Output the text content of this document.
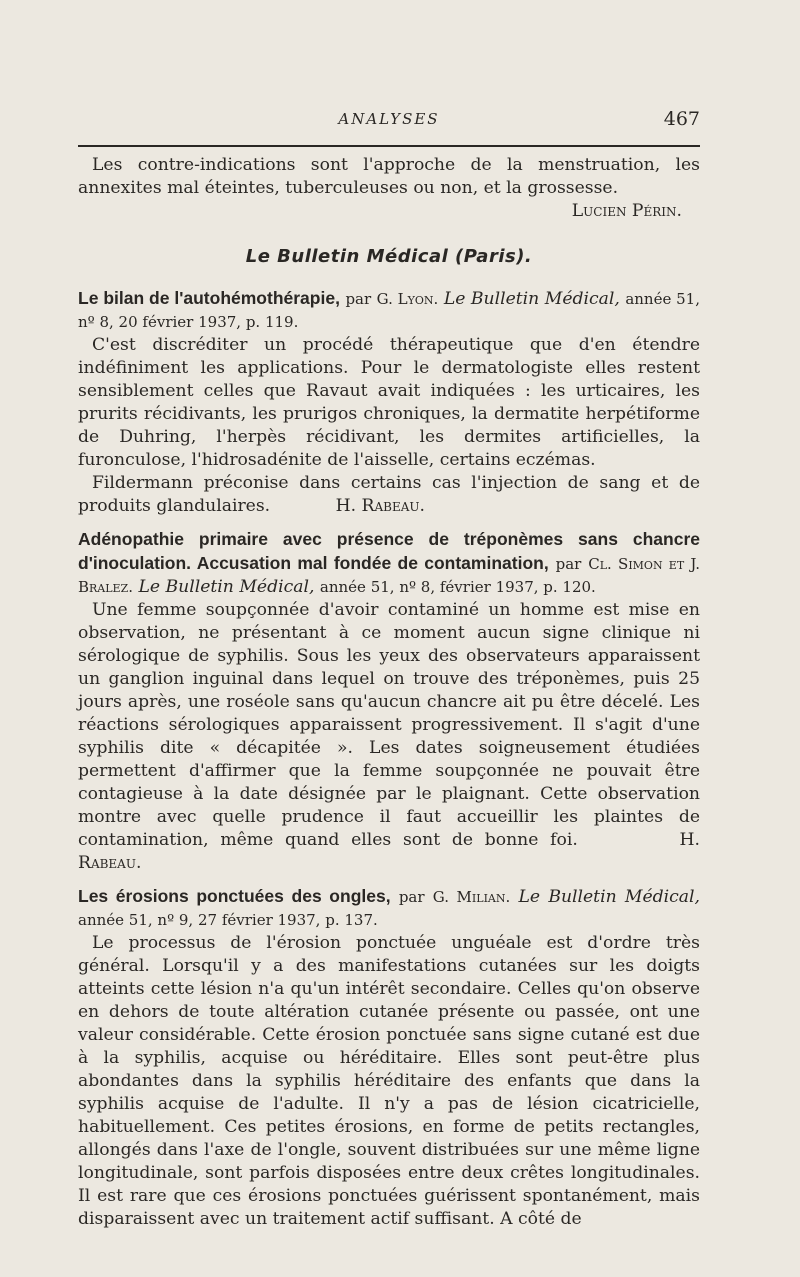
ANALYSES	467

Les contre-indications sont l'approche de la menstruation, les annexites mal éteintes, tuberculeuses ou non, et la grossesse.

Lucien Périn.

Le Bulletin Médical (Paris).

Le bilan de l'autohémothérapie, par G. Lyon. Le Bulletin Médical, année 51, nº 8, 20 février 1937, p. 119.

C'est discréditer un procédé thérapeutique que d'en étendre indéfiniment les applications. Pour le dermatologiste elles restent sensiblement celles que Ravaut avait indiquées : les urticaires, les prurits récidivants, les prurigos chroniques, la dermatite herpétiforme de Duhring, l'herpès récidivant, les dermites artificielles, la furonculose, l'hidrosadénite de l'aisselle, certains eczémas.

Fildermann préconise dans certains cas l'injection de sang et de produits glandulaires.	H. Rabeau.

Adénopathie primaire avec présence de tréponèmes sans chancre d'inoculation. Accusation mal fondée de contamination, par Cl. Simon et J. Bralez. Le Bulletin Médical, année 51, nº 8, février 1937, p. 120.

Une femme soupçonnée d'avoir contaminé un homme est mise en observation, ne présentant à ce moment aucun signe clinique ni sérologique de syphilis. Sous les yeux des observateurs apparaissent un ganglion inguinal dans lequel on trouve des tréponèmes, puis 25 jours après, une roséole sans qu'aucun chancre ait pu être décelé. Les réactions sérologiques apparaissent progressivement. Il s'agit d'une syphilis dite « décapitée ». Les dates soigneusement étudiées permettent d'affirmer que la femme soupçonnée ne pouvait être contagieuse à la date désignée par le plaignant. Cette observation montre avec quelle prudence il faut accueillir les plaintes de contamination, même quand elles sont de bonne foi.	H. Rabeau.

Les érosions ponctuées des ongles, par G. Milian. Le Bulletin Médical, année 51, nº 9, 27 février 1937, p. 137.

Le processus de l'érosion ponctuée unguéale est d'ordre très général. Lorsqu'il y a des manifestations cutanées sur les doigts atteints cette lésion n'a qu'un intérêt secondaire. Celles qu'on observe en dehors de toute altération cutanée présente ou passée, ont une valeur considérable. Cette érosion ponctuée sans signe cutané est due à la syphilis, acquise ou héréditaire. Elles sont peut-être plus abondantes dans la syphilis héréditaire des enfants que dans la syphilis acquise de l'adulte. Il n'y a pas de lésion cicatricielle, habituellement. Ces petites érosions, en forme de petits rectangles, allongés dans l'axe de l'ongle, souvent distribuées sur une même ligne longitudinale, sont parfois disposées entre deux crêtes longitudinales. Il est rare que ces érosions ponctuées guérissent spontanément, mais disparaissent avec un traitement actif suffisant. A côté de
